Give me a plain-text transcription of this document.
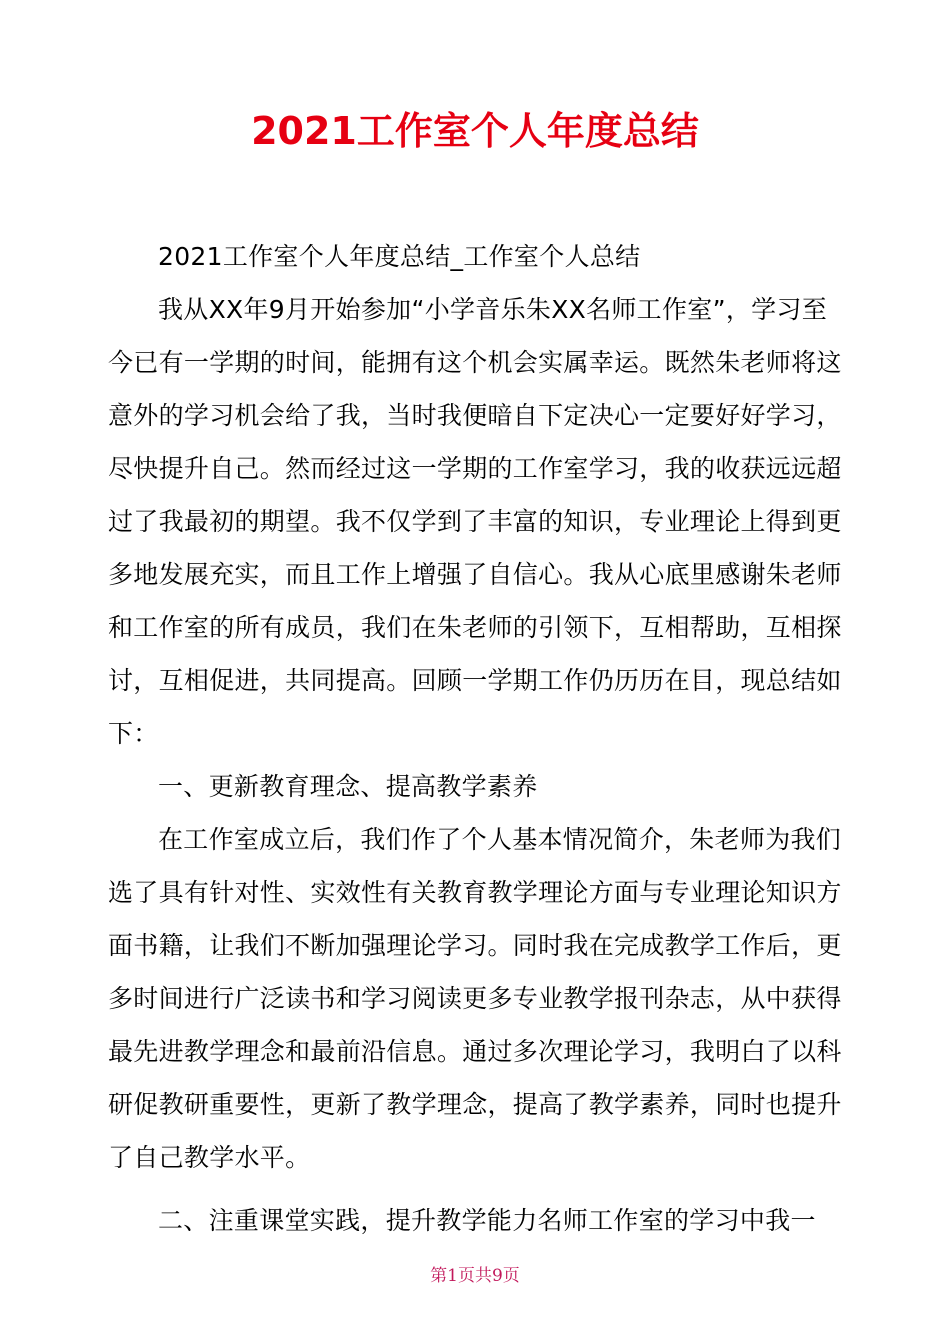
2021工作室个人年度总结

2021工作室个人年度总结_工作室个人总结

我从XX年9月开始参加“小学音乐朱XX名师工作室”，学习至今已有一学期的时间，能拥有这个机会实属幸运。既然朱老师将这意外的学习机会给了我，当时我便暗自下定决心一定要好好学习，尽快提升自己。然而经过这一学期的工作室学习，我的收获远远超过了我最初的期望。我不仅学到了丰富的知识，专业理论上得到更多地发展充实，而且工作上增强了自信心。我从心底里感谢朱老师和工作室的所有成员，我们在朱老师的引领下，互相帮助，互相探讨，互相促进，共同提高。回顾一学期工作仍历历在目，现总结如下：

一、更新教育理念、提高教学素养

在工作室成立后，我们作了个人基本情况简介，朱老师为我们选了具有针对性、实效性有关教育教学理论方面与专业理论知识方面书籍，让我们不断加强理论学习。同时我在完成教学工作后，更多时间进行广泛读书和学习阅读更多专业教学报刊杂志，从中获得最先进教学理念和最前沿信息。通过多次理论学习，我明白了以科研促教研重要性，更新了教学理念，提高了教学素养，同时也提升了自己教学水平。

二、注重课堂实践，提升教学能力名师工作室的学习中我一

第1页共9页
